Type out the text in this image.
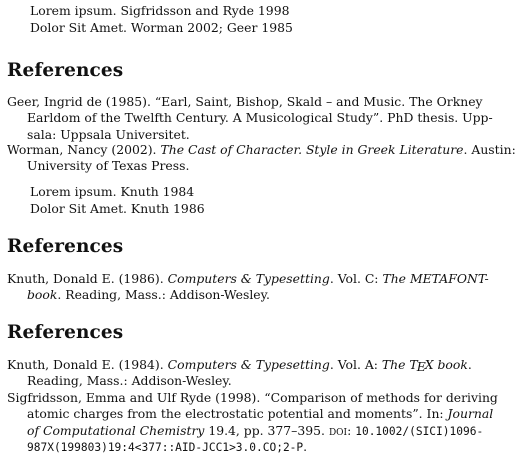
Lorem ipsum. Sigfridsson and Ryde 1998
Dolor Sit Amet. Worman 2002; Geer 1985
References
Geer, Ingrid de (1985). “Earl, Saint, Bishop, Skald – and Music. The Orkney
Earldom of the Twelfth Century. A Musicological Study”. PhD thesis. Upp-
sala: Uppsala Universitet.
Worman, Nancy (2002). The Cast of Character. Style in Greek Literature. Austin:
University of Texas Press.
Lorem ipsum. Knuth 1984
Dolor Sit Amet. Knuth 1986
References
Knuth, Donald E. (1986). Computers & Typesetting. Vol. C: The METAFONT-
book. Reading, Mass.: Addison-Wesley.
References
Knuth, Donald E. (1984). Computers & Typesetting. Vol. A: The TEX book.
Reading, Mass.: Addison-Wesley.
Sigfridsson, Emma and Ulf Ryde (1998). “Comparison of methods for deriving
atomic charges from the electrostatic potential and moments”. In: Journal
of Computational Chemistry 19.4, pp. 377–395. doi: 10.1002/(SICI)1096-
987X(199803)19:4<377::AID-JCC1>3.0.CO;2-P.
